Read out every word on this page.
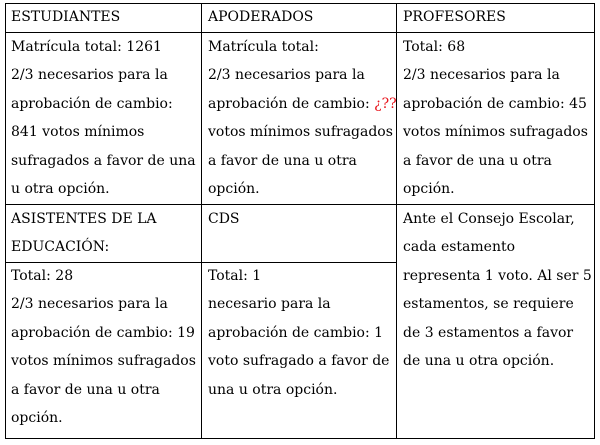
ESTUDIANTES
Matrícula total: 1261
2/3 necesarios para la
aprobación de cambio:
841 votos mínimos
sufragados a favor de una
u otra opción.
APODERADOS
Matrícula total:
2/3 necesarios para la
aprobación de cambio: ¿??
votos mínimos sufragados
a favor de una u otra
opción.
PROFESORES
Total: 68
2/3 necesarios para la
aprobación de cambio: 45
votos mínimos sufragados
a favor de una u otra
opción.
ASISTENTES DE LA
EDUCACIÓN:
Total: 28
2/3 necesarios para la
aprobación de cambio: 19
votos mínimos sufragados
a favor de una u otra
opción.
CDS
Total: 1
necesario para la
aprobación de cambio: 1
voto sufragado a favor de
una u otra opción.
Ante el Consejo Escolar,
cada estamento
representa 1 voto. Al ser 5
estamentos, se requiere
de 3 estamentos a favor
de una u otra opción.
